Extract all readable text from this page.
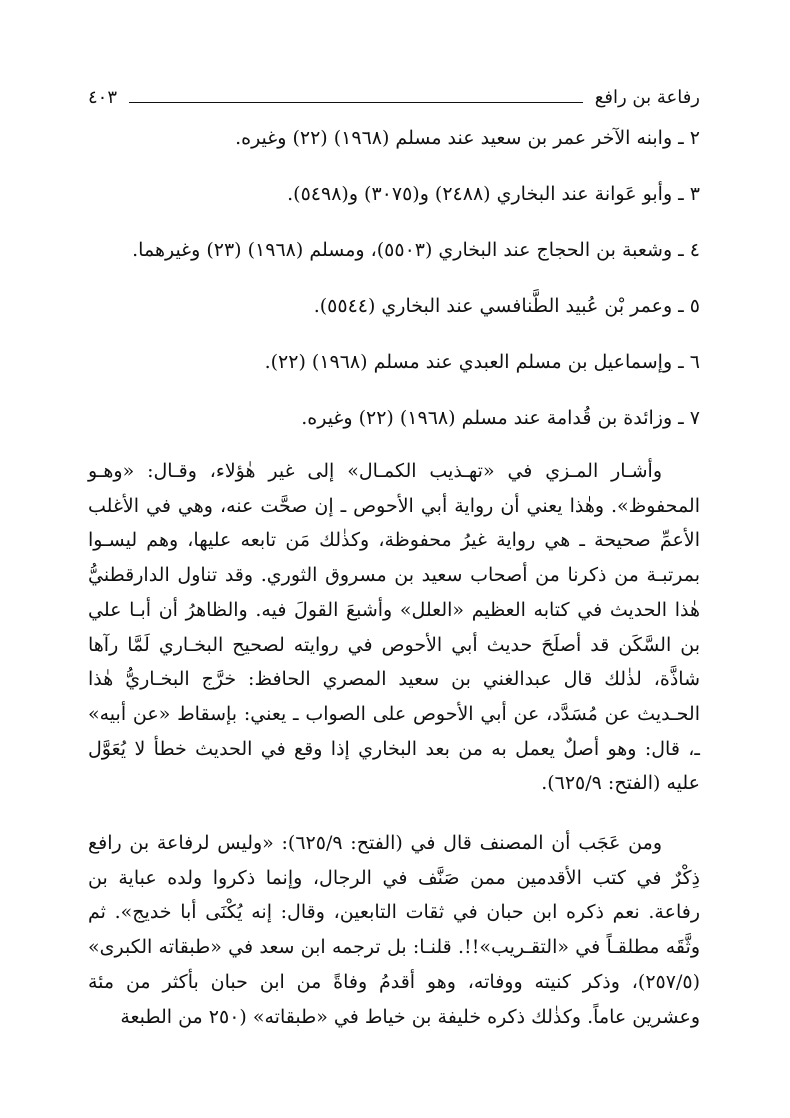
رفاعة بن رافع
٤٠٣
٢ ـ وابنه الآخر عمر بن سعيد عند مسلم (١٩٦٨) (٢٢) وغيره.
٣ ـ وأبو عَوانة عند البخاري (٢٤٨٨) و(٣٠٧٥) و(٥٤٩٨).
٤ ـ وشعبة بن الحجاج عند البخاري (٥٥٠٣)، ومسلم (١٩٦٨) (٢٣) وغيرهما.
٥ ـ وعمر بْن عُبيد الطَّنافسي عند البخاري (٥٥٤٤).
٦ ـ وإسماعيل بن مسلم العبدي عند مسلم (١٩٦٨) (٢٢).
٧ ـ وزائدة بن قُدامة عند مسلم (١٩٦٨) (٢٢) وغيره.

وأشـار المـزي في «تهـذيب الكمـال» إلى غير هٰؤلاء، وقـال: «وهـو المحفوظ». وهٰذا يعني أن رواية أبي الأحوص ـ إن صحَّت عنه، وهي في الأغلب الأعمِّ صحيحة ـ هي رواية غيرُ محفوظة، وكذٰلك مَن تابعه عليها، وهم ليسـوا بمرتبـة من ذكرنا من أصحاب سعيد بن مسروق الثوري. وقد تناول الدارقطنيُّ هٰذا الحديث في كتابه العظيم «العلل» وأشبعَ القولَ فيه. والظاهرُ أن أبـا علي بن السَّكَن قد أصلَحَ حديث أبي الأحوص في روايته لصحيح البخـاري لَمَّا رآها شاذَّة، لذٰلك قال عبدالغني بن سعيد المصري الحافظ: خرَّج البخـاريُّ هٰذا الحـديث عن مُسَدَّد، عن أبي الأحوص على الصواب ـ يعني: بإسقاط «عن أبيه» ـ، قال: وهو أصلٌ يعمل به من بعد البخاري إذا وقع في الحديث خطأ لا يُعَوَّل عليه (الفتح: ٦٢٥/٩).

ومن عَجَب أن المصنف قال في (الفتح: ٦٢٥/٩): «وليس لرفاعة بن رافع ذِكْرٌ في كتب الأقدمين ممن صَنَّف في الرجال، وإنما ذكروا ولده عباية بن رفاعة. نعم ذكره ابن حبان في ثقات التابعين، وقال: إنه يُكْنَى أبا خديج». ثم وثَّقَه مطلقـاً في «التقـريب»!!. قلنـا: بل ترجمه ابن سعد في «طبقاته الكبرى» (٢٥٧/٥)، وذكر كنيته ووفاته، وهو أقدمُ وفاةً من ابن حبان بأكثر من مئة وعشرين عاماً. وكذٰلك ذكره خليفة بن خياط في «طبقاته» (٢٥٠ من الطبعة
